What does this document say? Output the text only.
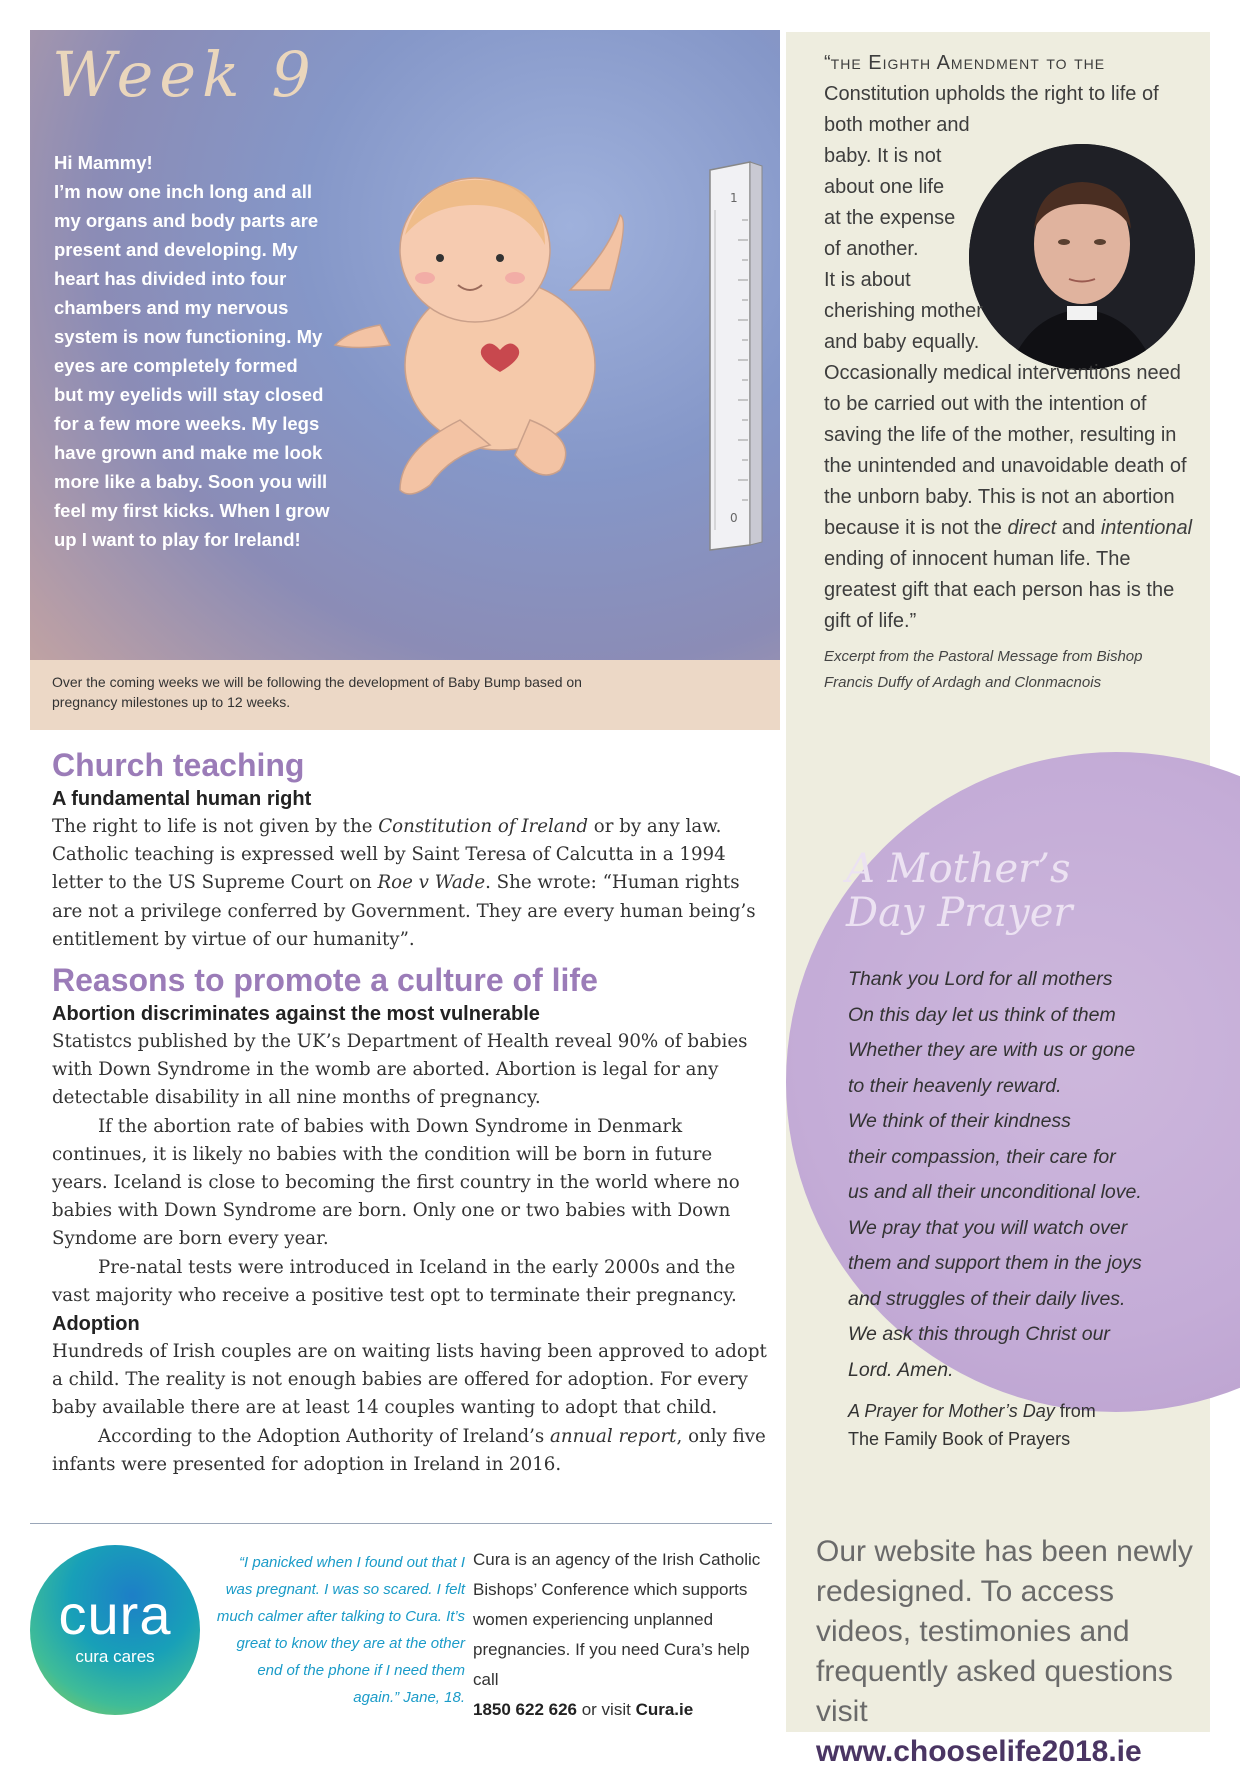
Week 9

Hi Mammy!

I’m now one inch long and all my organs and body parts are present and developing. My heart has divided into four chambers and my nervous system is now functioning. My eyes are completely formed but my eyelids will stay closed for a few more weeks. My legs have grown and make me look more like a baby. Soon you will feel my first kicks. When I grow up I want to play for Ireland!

1
0
Over the coming weeks we will be following the development of Baby Bump based on pregnancy milestones up to 12 weeks.
“the Eighth Amendment to the
Constitution upholds the right to life of
both mother and
baby. It is not
about one life
at the expense
of another.
It is about
cherishing mother
and baby equally.
Occasionally medical interventions need to be carried out with the intention of saving the life of the mother, resulting in the unintended and unavoidable death of the unborn baby. This is not an abortion because it is not the direct and intentional ending of innocent human life. The greatest gift that each person has is the gift of life.”
Excerpt from the Pastoral Message from Bishop Francis Duffy of Ardagh and Clonmacnois
A Mother’s
Day Prayer
Thank you Lord for all mothers
On this day let us think of them
Whether they are with us or gone
to their heavenly reward.
We think of their kindness
their compassion, their care for
us and all their unconditional love.
We pray that you will watch over
them and support them in the joys
and struggles of their daily lives.
We ask this through Christ our
Lord. Amen.
A Prayer for Mother’s Day from
The Family Book of Prayers
Our website has been newly redesigned. To access videos, testimonies and frequently asked questions visit
www.chooselife2018.ie
Church teaching
A fundamental human right

The right to life is not given by the Constitution of Ireland or by any law. Catholic teaching is expressed well by Saint Teresa of Calcutta in a 1994 letter to the US Supreme Court on Roe v Wade. She wrote: “Human rights are not a privilege conferred by Government. They are every human being’s entitlement by virtue of our humanity”.

Reasons to promote a culture of life
Abortion discriminates against the most vulnerable

Statistcs published by the UK’s Department of Health reveal 90% of babies with Down Syndrome in the womb are aborted. Abortion is legal for any detectable disability in all nine months of pregnancy.

If the abortion rate of babies with Down Syndrome in Denmark continues, it is likely no babies with the condition will be born in future years. Iceland is close to becoming the first country in the world where no babies with Down Syndrome are born. Only one or two babies with Down Syndome are born every year.

Pre-natal tests were introduced in Iceland in the early 2000s and the vast majority who receive a positive test opt to terminate their pregnancy.

Adoption

Hundreds of Irish couples are on waiting lists having been approved to adopt a child. The reality is not enough babies are offered for adoption. For every baby available there are at least 14 couples wanting to adopt that child.

According to the Adoption Authority of Ireland’s annual report, only five infants were presented for adoption in Ireland in 2016.

cura
cura cares
“I panicked when I found out that I was pregnant. I was so scared. I felt much calmer after talking to Cura. It’s great to know they are at the other end of the phone if I need them again.” Jane, 18.
Cura is an agency of the Irish Catholic Bishops’ Conference which supports women experiencing unplanned pregnancies. If you need Cura’s help call
1850 622 626 or visit Cura.ie
